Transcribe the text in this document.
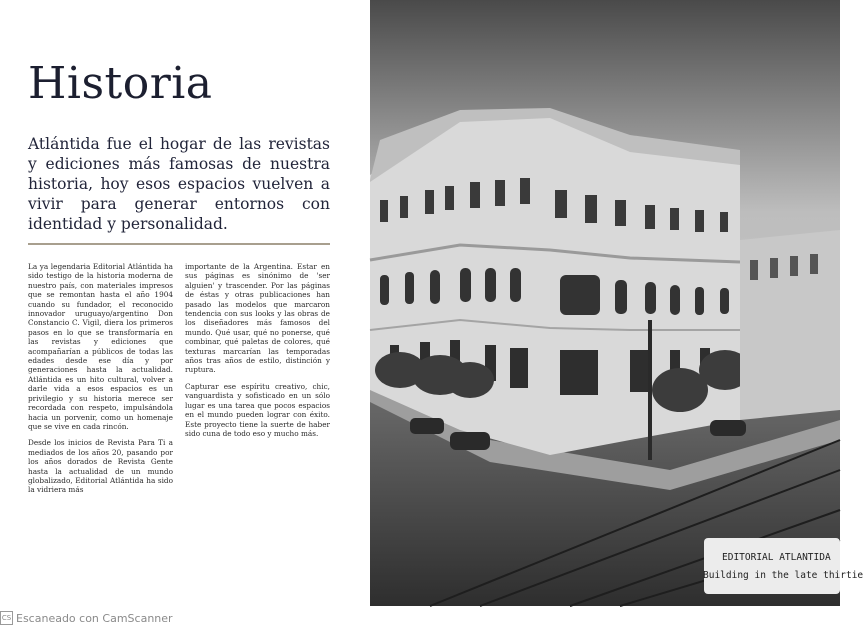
Historia
Atlántida fue el hogar de las revistas y ediciones más famosas de nuestra historia, hoy esos espacios vuelven a vivir para generar entornos con identidad y personalidad.

La ya legendaria Editorial Atlántida ha sido testigo de la historia moderna de nuestro país, con materiales impresos que se remontan hasta el año 1904 cuando su fundador, el reconocido innovador uruguayo/argentino Don Constancio C. Vigil, diera los primeros pasos en lo que se transformaría en las revistas y ediciones que acompañarían a públicos de todas las edades desde ese día y por generaciones hasta la actualidad. Atlántida es un hito cultural, volver a darle vida a esos espacios es un privilegio y su historia merece ser recordada con respeto, impulsándola hacia un porvenir, como un homenaje que se vive en cada rincón.

Desde los inicios de Revista Para Ti a mediados de los años 20, pasando por los años dorados de Revista Gente hasta la actualidad de un mundo globalizado, Editorial Atlántida ha sido la vidriera más

importante de la Argentina. Estar en sus páginas es sinónimo de 'ser alguien' y trascender. Por las páginas de éstas y otras publicaciones han pasado las modelos que marcaron tendencia con sus looks y las obras de los diseñadores más famosos del mundo. Qué usar, qué no ponerse, qué combinar, qué paletas de colores, qué texturas marcarían las temporadas años tras años de estilo, distinción y ruptura.

Capturar ese espíritu creativo, chic, vanguardista y sofisticado en un sólo lugar es una tarea que pocos espacios en el mundo pueden lograr con éxito. Este proyecto tiene la suerte de haber sido cuna de todo eso y mucho más.

EDITORIAL ATLANTIDA
Building in the late thirtie
CS Escaneado con CamScanner
